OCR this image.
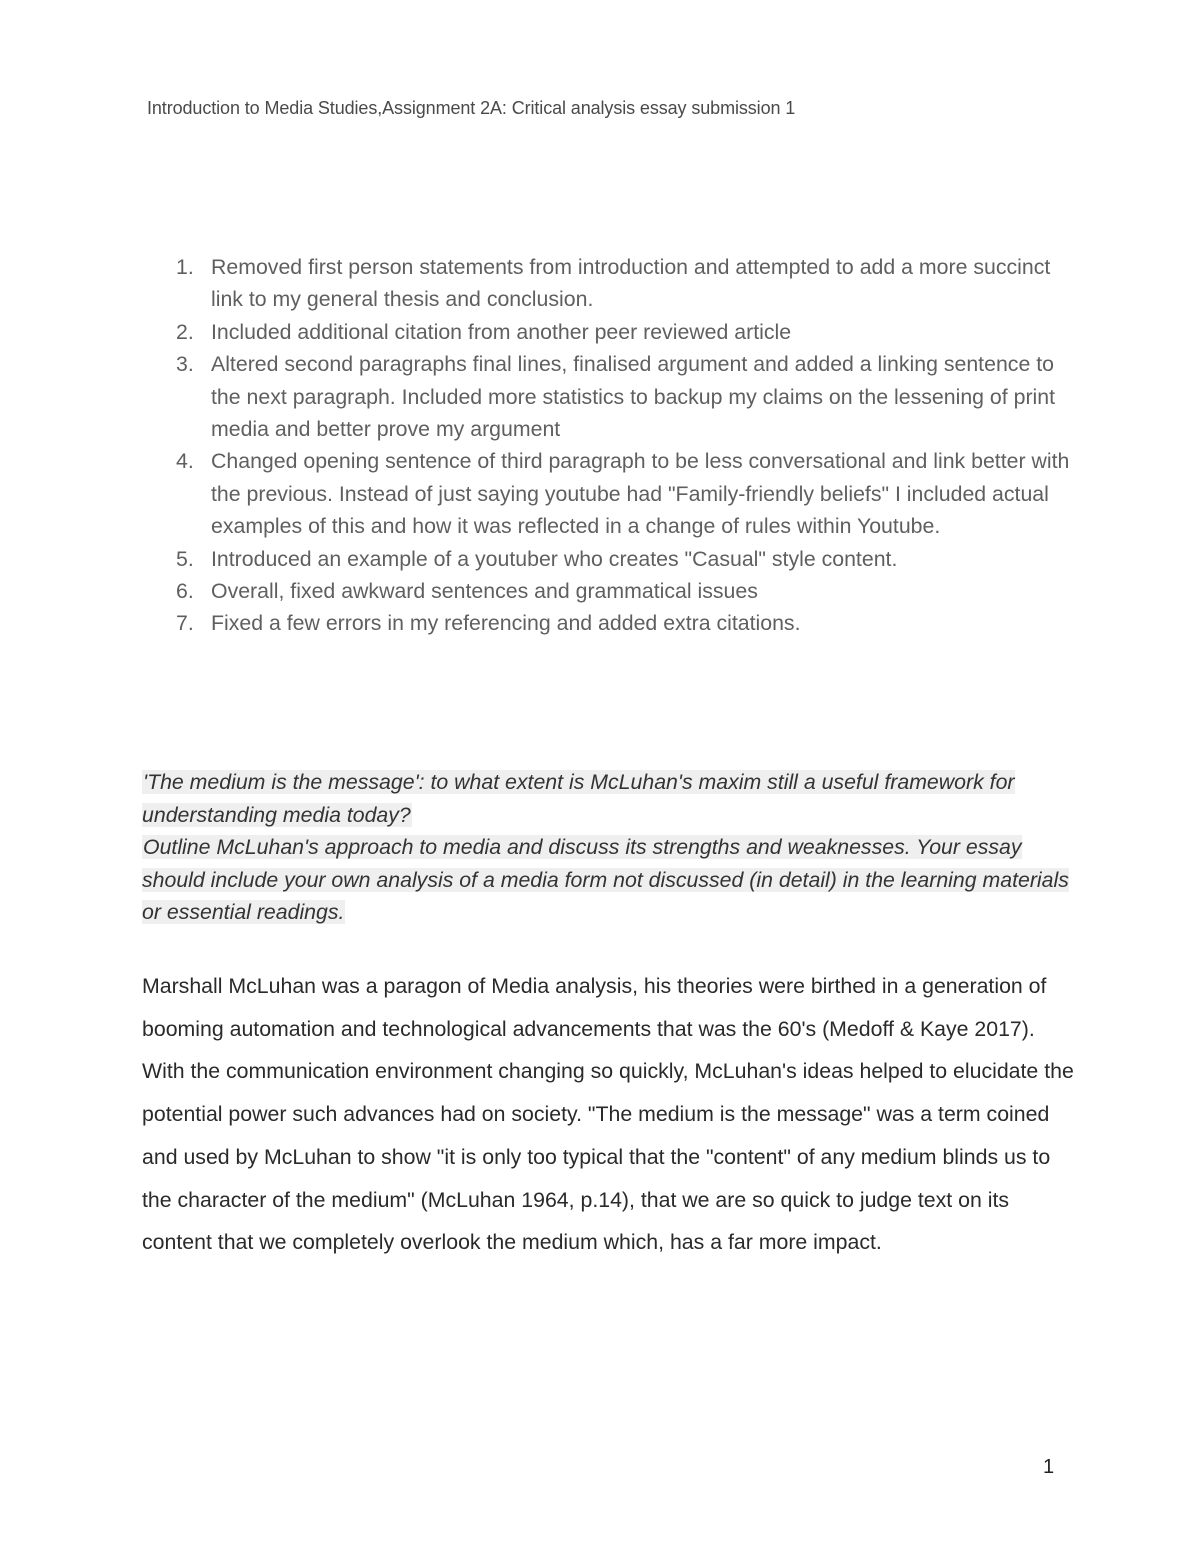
Introduction to Media Studies,Assignment 2A: Critical analysis essay submission 1
1. Removed first person statements from introduction and attempted to add a more succinct link to my general thesis and conclusion.
2. Included additional citation from another peer reviewed article
3. Altered second paragraphs final lines, finalised argument and added a linking sentence to the next paragraph. Included more statistics to backup my claims on the lessening of print media and better prove my argument
4. Changed opening sentence of third paragraph to be less conversational and link better with the previous. Instead of just saying youtube had "Family-friendly beliefs" I included actual examples of this and how it was reflected in a change of rules within Youtube.
5. Introduced an example of a youtuber who creates "Casual" style content.
6. Overall, fixed awkward sentences and grammatical issues
7. Fixed a few errors in my referencing and added extra citations.
'The medium is the message': to what extent is McLuhan's maxim still a useful framework for understanding media today?
Outline McLuhan's approach to media and discuss its strengths and weaknesses. Your essay should include your own analysis of a media form not discussed (in detail) in the learning materials or essential readings.

Marshall McLuhan was a paragon of Media analysis, his theories were birthed in a generation of booming automation and technological advancements that was the 60's (Medoff & Kaye 2017). With the communication environment changing so quickly, McLuhan's ideas helped to elucidate the potential power such advances had on society. "The medium is the message" was a term coined and used by McLuhan to show "it is only too typical that the "content" of any medium blinds us to the character of the medium" (McLuhan 1964, p.14), that we are so quick to judge text on its content that we completely overlook the medium which, has a far more impact.

1
